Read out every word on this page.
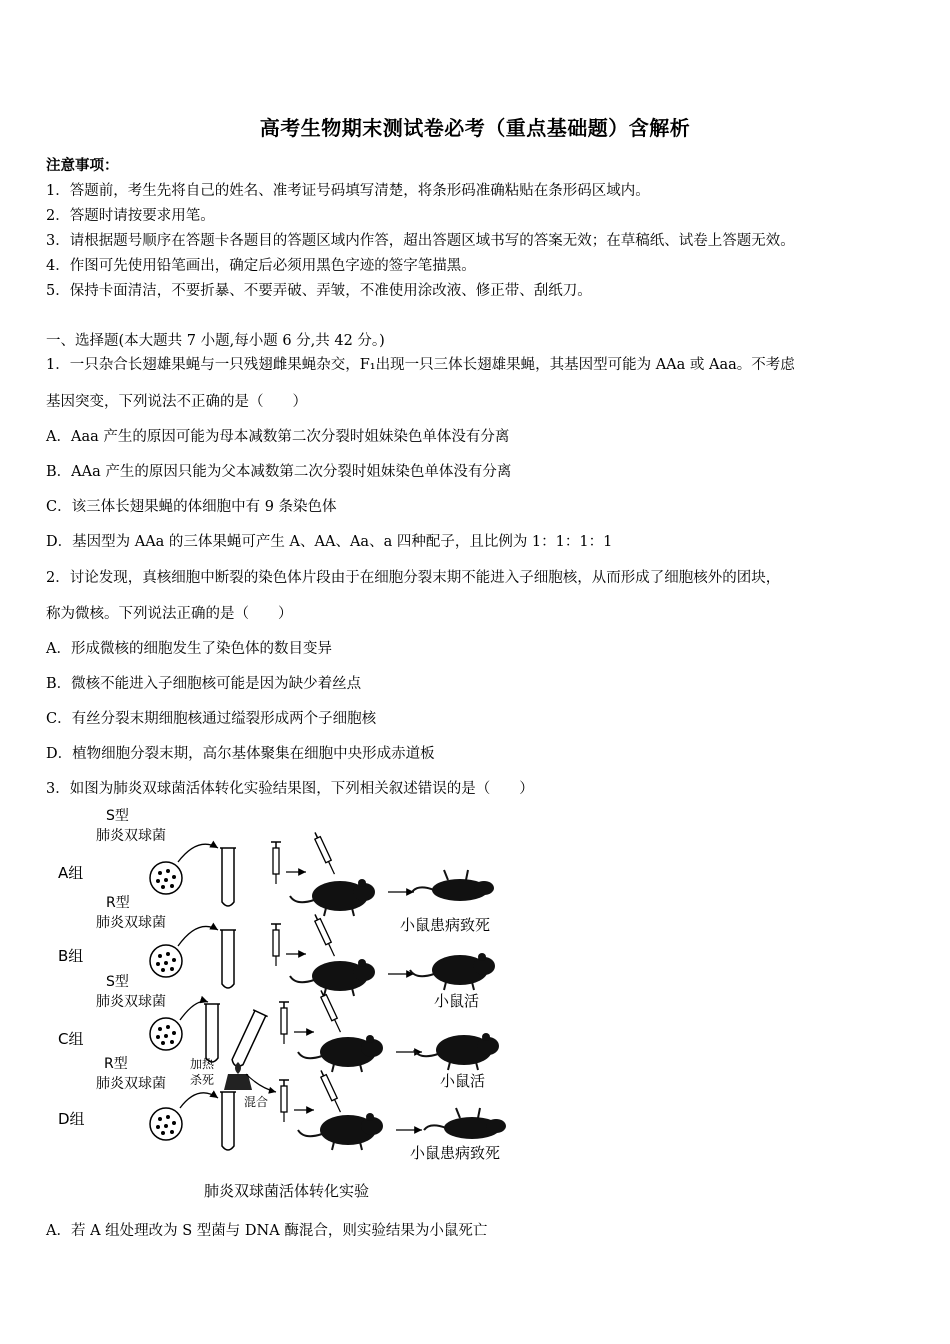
高考生物期末测试卷必考（重点基础题）含解析
注意事项：
1．答题前，考生先将自己的姓名、准考证号码填写清楚，将条形码准确粘贴在条形码区域内。
2．答题时请按要求用笔。
3．请根据题号顺序在答题卡各题目的答题区域内作答，超出答题区域书写的答案无效；在草稿纸、试卷上答题无效。
4．作图可先使用铅笔画出，确定后必须用黑色字迹的签字笔描黑。
5．保持卡面清洁，不要折暴、不要弄破、弄皱，不准使用涂改液、修正带、刮纸刀。
一、选择题(本大题共 7 小题,每小题 6 分,共 42 分。)
1．一只杂合长翅雄果蝇与一只残翅雌果蝇杂交，F₁出现一只三体长翅雄果蝇，其基因型可能为 AAa 或 Aaa。不考虑
基因突变，下列说法不正确的是（　　）
A．Aaa 产生的原因可能为母本减数第二次分裂时姐妹染色单体没有分离
B．AAa 产生的原因只能为父本减数第二次分裂时姐妹染色单体没有分离
C．该三体长翅果蝇的体细胞中有 9 条染色体
D．基因型为 AAa 的三体果蝇可产生 A、AA、Aa、a 四种配子，且比例为 1：1：1：1
2．讨论发现，真核细胞中断裂的染色体片段由于在细胞分裂末期不能进入子细胞核，从而形成了细胞核外的团块，
称为微核。下列说法正确的是（　　）
A．形成微核的细胞发生了染色体的数目变异
B．微核不能进入子细胞核可能是因为缺少着丝点
C．有丝分裂末期细胞核通过缢裂形成两个子细胞核
D．植物细胞分裂末期，高尔基体聚集在细胞中央形成赤道板
3．如图为肺炎双球菌活体转化实验结果图，下列相关叙述错误的是（　　）
A组
S型
肺炎双球菌
R型
肺炎双球菌	小鼠患病致死
B组
S型
肺炎双球菌	小鼠活
C组
加热
杀死
R型
肺炎双球菌	小鼠活
混合
D组
小鼠患病致死
肺炎双球菌活体转化实验
A．若 A 组处理改为 S 型菌与 DNA 酶混合，则实验结果为小鼠死亡
